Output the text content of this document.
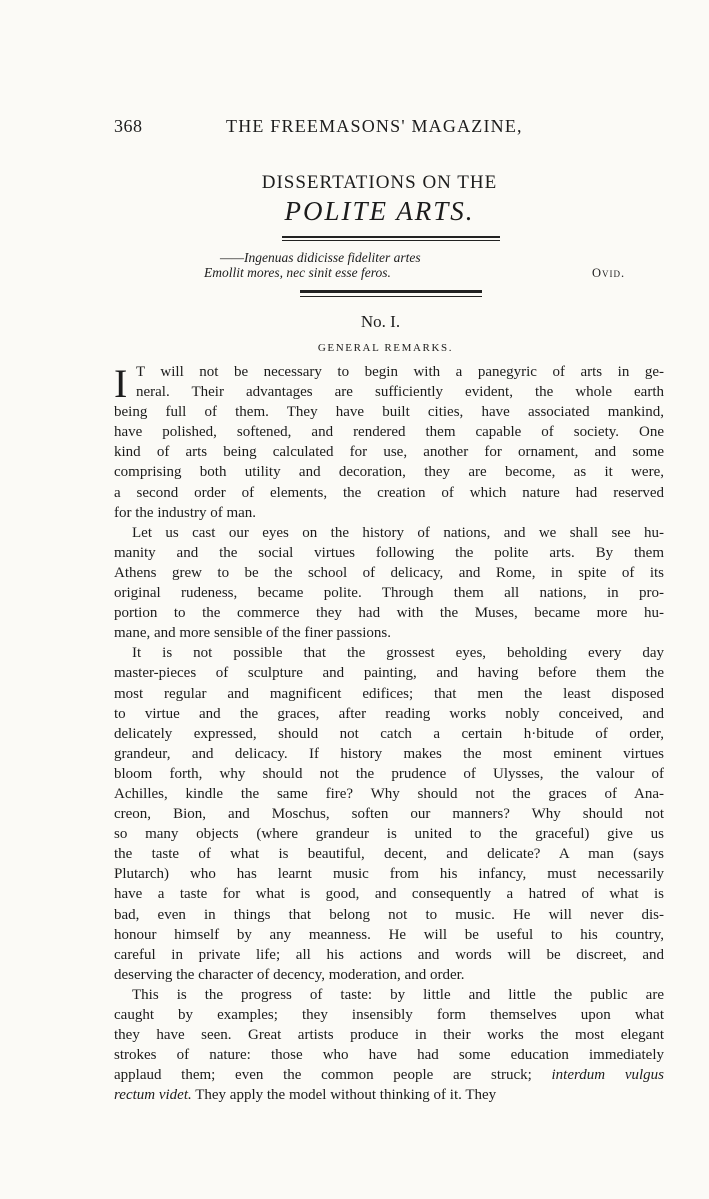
368	THE FREEMASONS' MAGAZINE,
DISSERTATIONS ON THE
POLITE ARTS.
——Ingenuas didicisse fideliter artes
Emollit mores, nec sinit esse feros.	Ovid.
No. I.
GENERAL REMARKS.
I T will not be necessary to begin with a panegyric of arts in ge-
neral. Their advantages are sufficiently evident, the whole earth
being full of them. They have built cities, have associated mankind,
have polished, softened, and rendered them capable of society. One
kind of arts being calculated for use, another for ornament, and some
comprising both utility and decoration, they are become, as it were,
a second order of elements, the creation of which nature had reserved
for the industry of man.
Let us cast our eyes on the history of nations, and we shall see hu-
manity and the social virtues following the polite arts. By them
Athens grew to be the school of delicacy, and Rome, in spite of its
original rudeness, became polite. Through them all nations, in pro-
portion to the commerce they had with the Muses, became more hu-
mane, and more sensible of the finer passions.
It is not possible that the grossest eyes, beholding every day
master-pieces of sculpture and painting, and having before them the
most regular and magnificent edifices; that men the least disposed
to virtue and the graces, after reading works nobly conceived, and
delicately expressed, should not catch a certain h·bitude of order,
grandeur, and delicacy. If history makes the most eminent virtues
bloom forth, why should not the prudence of Ulysses, the valour of
Achilles, kindle the same fire? Why should not the graces of Ana-
creon, Bion, and Moschus, soften our manners? Why should not
so many objects (where grandeur is united to the graceful) give us
the taste of what is beautiful, decent, and delicate? A man (says
Plutarch) who has learnt music from his infancy, must necessarily
have a taste for what is good, and consequently a hatred of what is
bad, even in things that belong not to music. He will never dis-
honour himself by any meanness. He will be useful to his country,
careful in private life; all his actions and words will be discreet, and
deserving the character of decency, moderation, and order.
This is the progress of taste: by little and little the public are
caught by examples; they insensibly form themselves upon what
they have seen. Great artists produce in their works the most elegant
strokes of nature: those who have had some education immediately
applaud them; even the common people are struck; interdum vulgus
rectum videt. They apply the model without thinking of it. They
